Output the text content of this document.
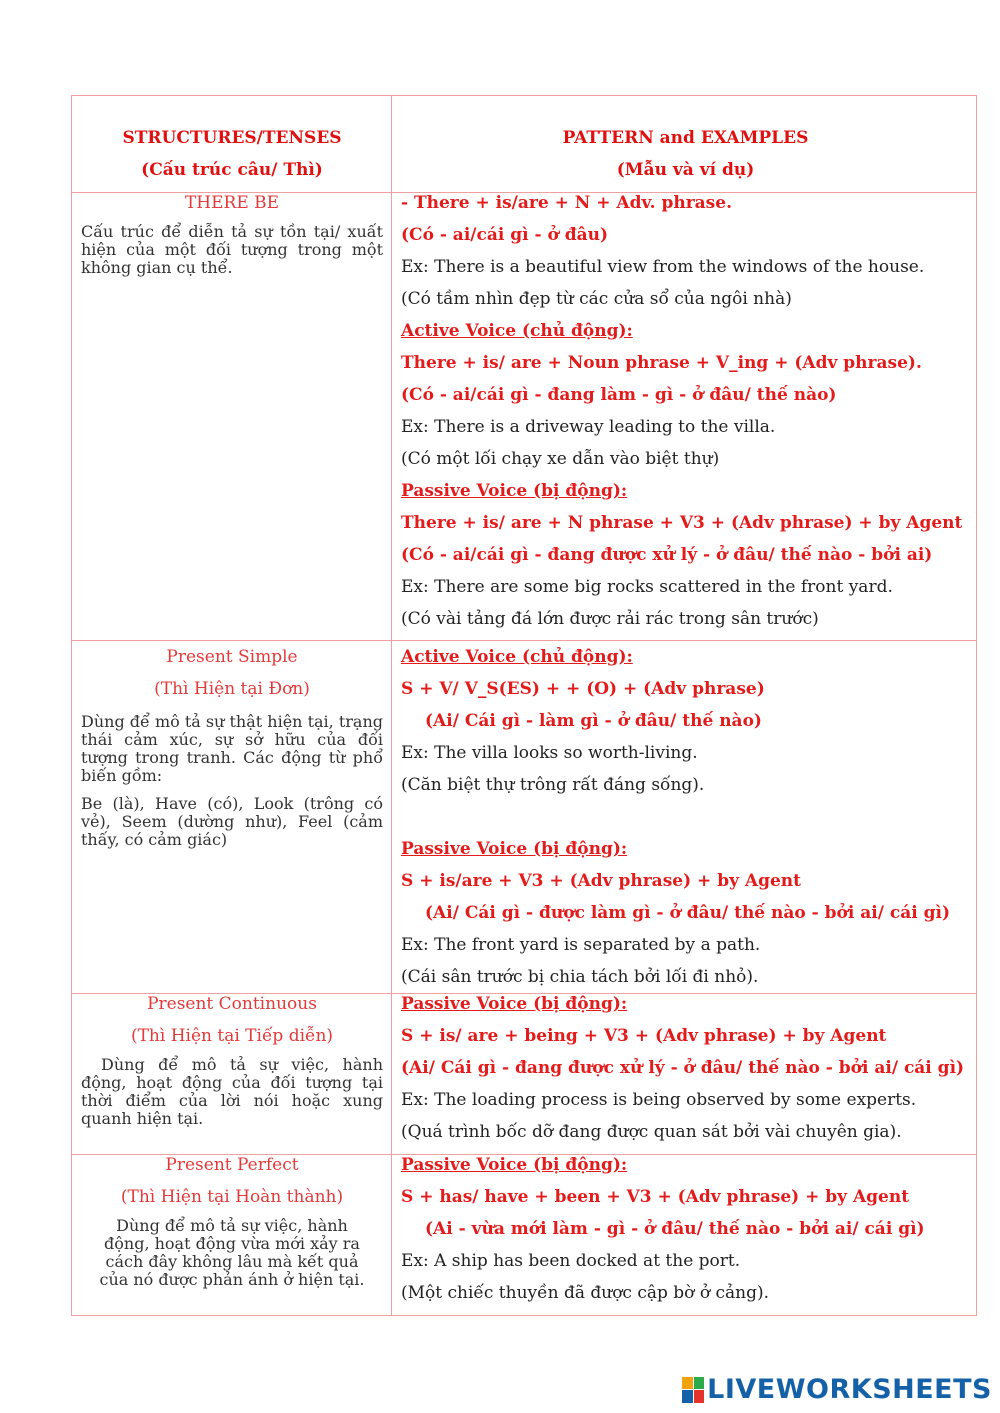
STRUCTURES/TENSES
(Cấu trúc câu/ Thì)
PATTERN and EXAMPLES
(Mẫu và ví dụ)
THERE BE
Cấu trúc để diễn tả sự tồn tại/ xuất hiện của một đối tượng trong một không gian cụ thể.
- There + is/are + N + Adv. phrase.
(Có - ai/cái gì - ở đâu)
Ex: There is a beautiful view from the windows of the house.
(Có tầm nhìn đẹp từ các cửa sổ của ngôi nhà)
Active Voice (chủ động):
There + is/ are + Noun phrase + V_ing + (Adv phrase).
(Có - ai/cái gì - đang làm - gì - ở đâu/ thế nào)
Ex: There is a driveway leading to the villa.
(Có một lối chạy xe dẫn vào biệt thự)
Passive Voice (bị động):
There + is/ are + N phrase + V3 + (Adv phrase) + by Agent
(Có - ai/cái gì - đang được xử lý - ở đâu/ thế nào - bởi ai)
Ex: There are some big rocks scattered in the front yard.
(Có vài tảng đá lớn được rải rác trong sân trước)
Present Simple
(Thì Hiện tại Đơn)
Dùng để mô tả sự thật hiện tại, trạng thái cảm xúc, sự sở hữu của đối tượng trong tranh. Các động từ phổ biến gồm:
Be (là), Have (có), Look (trông có vẻ), Seem (dường như), Feel (cảm thấy, có cảm giác)
Active Voice (chủ động):
S + V/ V_S(ES) + + (O) + (Adv phrase)
(Ai/ Cái gì - làm gì - ở đâu/ thế nào)
Ex: The villa looks so worth-living.
(Căn biệt thự trông rất đáng sống).

Passive Voice (bị động):
S + is/are + V3 + (Adv phrase) + by Agent
(Ai/ Cái gì - được làm gì - ở đâu/ thế nào - bởi ai/ cái gì)
Ex: The front yard is separated by a path.
(Cái sân trước bị chia tách bởi lối đi nhỏ).
Present Continuous
(Thì Hiện tại Tiếp diễn)
Dùng để mô tả sự việc, hành động, hoạt động của đối tượng tại thời điểm của lời nói hoặc xung quanh hiện tại.
Passive Voice (bị động):
S + is/ are + being + V3 + (Adv phrase) + by Agent
(Ai/ Cái gì - đang được xử lý - ở đâu/ thế nào - bởi ai/ cái gì)
Ex: The loading process is being observed by some experts.
(Quá trình bốc dỡ đang được quan sát bởi vài chuyên gia).
Present Perfect
(Thì Hiện tại Hoàn thành)
Dùng để mô tả sự việc, hành động, hoạt động vừa mới xảy ra cách đây không lâu mà kết quả của nó được phản ánh ở hiện tại.
Passive Voice (bị động):
S + has/ have + been + V3 + (Adv phrase) + by Agent
(Ai - vừa mới làm - gì - ở đâu/ thế nào - bởi ai/ cái gì)
Ex: A ship has been docked at the port.
(Một chiếc thuyền đã được cập bờ ở cảng).
LIVEWORKSHEETS
